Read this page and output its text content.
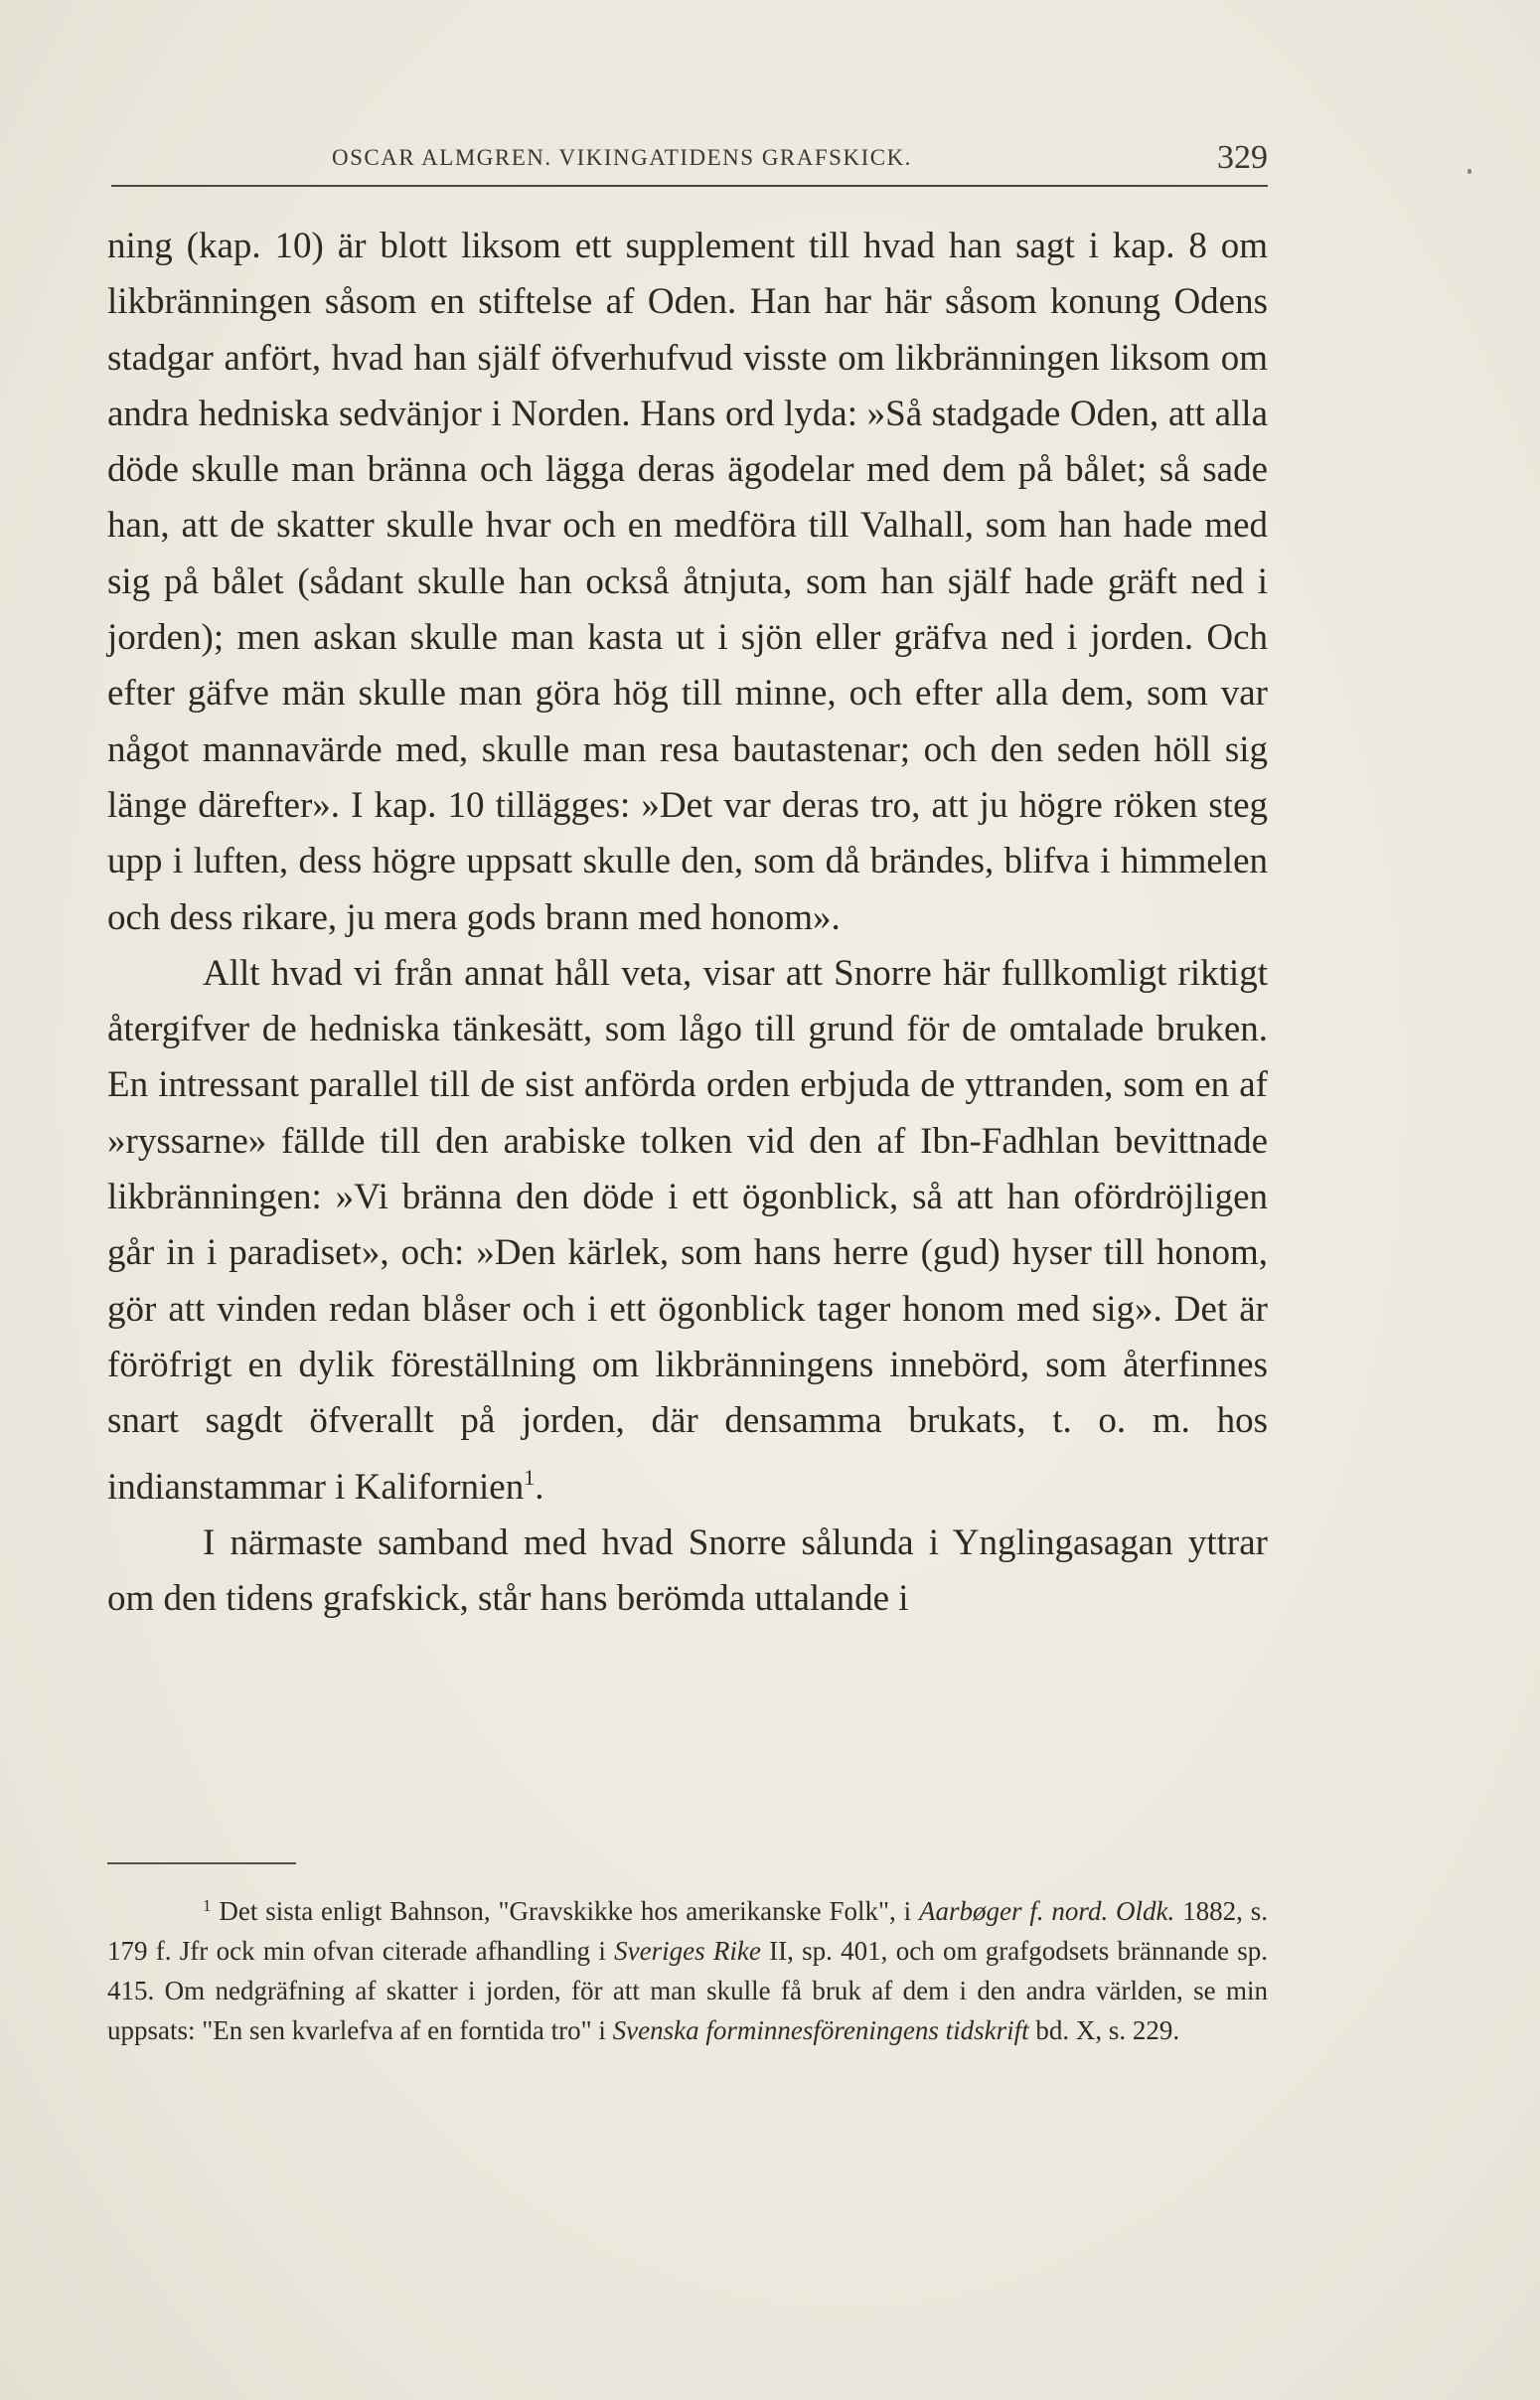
OSCAR ALMGREN. VIKINGATIDENS GRAFSKICK.	329

ning (kap. 10) är blott liksom ett supplement till hvad han sagt i kap. 8 om likbränningen såsom en stiftelse af Oden. Han har här såsom konung Odens stadgar anfört, hvad han själf öfverhufvud visste om likbränningen liksom om andra hedniska sedvänjor i Norden. Hans ord lyda: »Så stadgade Oden, att alla döde skulle man bränna och lägga deras ägodelar med dem på bålet; så sade han, att de skatter skulle hvar och en medföra till Valhall, som han hade med sig på bålet (sådant skulle han också åtnjuta, som han själf hade gräft ned i jorden); men askan skulle man kasta ut i sjön eller gräfva ned i jorden. Och efter gäfve män skulle man göra hög till minne, och efter alla dem, som var något mannavärde med, skulle man resa bautastenar; och den seden höll sig länge därefter». I kap. 10 tillägges: »Det var deras tro, att ju högre röken steg upp i luften, dess högre uppsatt skulle den, som då brändes, blifva i himmelen och dess rikare, ju mera gods brann med honom».

Allt hvad vi från annat håll veta, visar att Snorre här fullkomligt riktigt återgifver de hedniska tänkesätt, som lågo till grund för de omtalade bruken. En intressant parallel till de sist anförda orden erbjuda de yttranden, som en af »ryssarne» fällde till den arabiske tolken vid den af Ibn-Fadhlan bevittnade likbränningen: »Vi bränna den döde i ett ögonblick, så att han ofördröjligen går in i paradiset», och: »Den kärlek, som hans herre (gud) hyser till honom, gör att vinden redan blåser och i ett ögonblick tager honom med sig». Det är föröfrigt en dylik föreställning om likbränningens innebörd, som återfinnes snart sagdt öfverallt på jorden, där densamma brukats, t. o. m. hos indianstammar i Kalifornien$^1$.

I närmaste samband med hvad Snorre sålunda i Ynglingasagan yttrar om den tidens grafskick, står hans berömda uttalande i

$^1$ Det sista enligt Bahnson, "Gravskikke hos amerikanske Folk", i Aarbøger f. nord. Oldk. 1882, s. 179 f. Jfr ock min ofvan citerade afhandling i Sveriges Rike II, sp. 401, och om grafgodsets brännande sp. 415. Om nedgräfning af skatter i jorden, för att man skulle få bruk af dem i den andra världen, se min uppsats: "En sen kvarlefva af en forntida tro" i Svenska forminnesföreningens tidskrift bd. X, s. 229.
